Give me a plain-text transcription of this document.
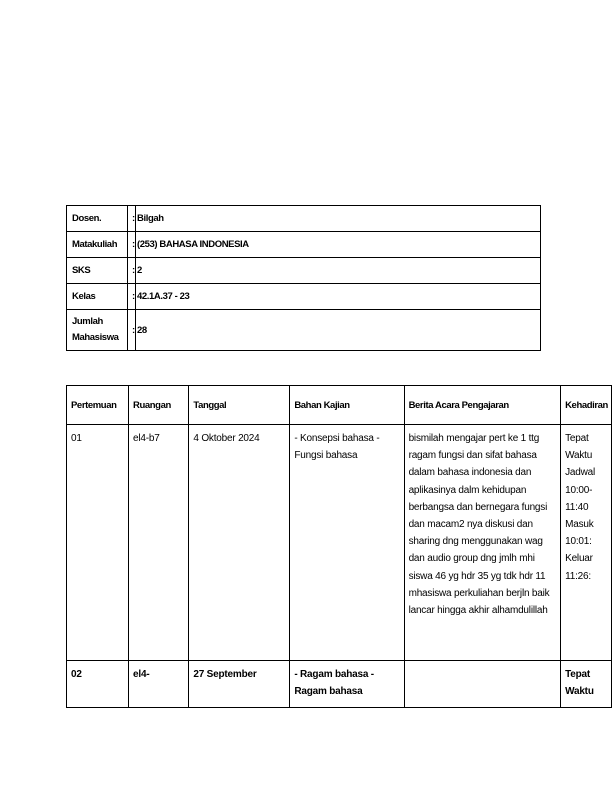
Dosen.	:	Bilgah
Matakuliah	:	(253) BAHASA INDONESIA
SKS	:	2
Kelas	:	42.1A.37 - 23
Jumlah Mahasiswa	:	28
Pertemuan	Ruangan	Tanggal	Bahan Kajian	Berita Acara Pengajaran	Kehadiran
01	el4-b7	4 Oktober 2024	- Konsepsi bahasa - Fungsi bahasa	bismilah mengajar pert ke 1 ttg ragam fungsi dan sifat bahasa dalam bahasa indonesia dan aplikasinya dalm kehidupan berbangsa dan bernegara fungsi dan macam2 nya diskusi dan sharing dng menggunakan wag dan audio group dng jmlh mhi siswa 46 yg hdr 35 yg tdk hdr 11 mhasiswa perkuliahan berjln baik lancar hingga akhir alhamdulillah	Tepat Waktu Jadwal 10:00-11:40 Masuk 10:01: Keluar 11:26:
02	el4-	27 September	- Ragam bahasa - Ragam bahasa		Tepat Waktu
